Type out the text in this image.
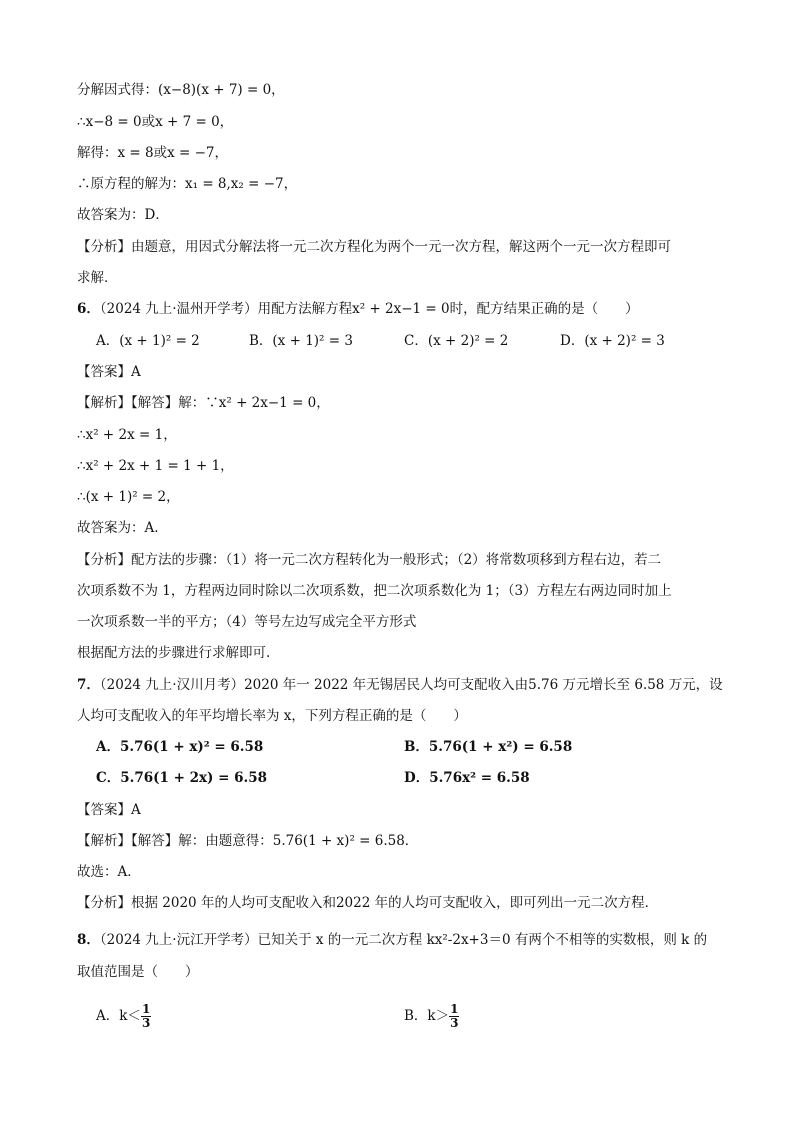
分解因式得：(x−8)(x + 7) = 0，
∴x−8 = 0或x + 7 = 0，
解得：x = 8或x = −7，
∴原方程的解为：x₁ = 8,x₂ = −7，
故答案为：D．
【分析】由题意，用因式分解法将一元二次方程化为两个一元一次方程，解这两个一元一次方程即可
求解．
6．（2024 九上·温州开学考）用配方法解方程x² + 2x−1 = 0时，配方结果正确的是（　　）
A．(x + 1)² = 2	B．(x + 1)² = 3	C．(x + 2)² = 2	D．(x + 2)² = 3
【答案】A
【解析】【解答】解：∵x² + 2x−1 = 0，
∴x² + 2x = 1，
∴x² + 2x + 1 = 1 + 1，
∴(x + 1)² = 2，
故答案为：A.
【分析】配方法的步骤：（1）将一元二次方程转化为一般形式；（2）将常数项移到方程右边，若二
次项系数不为 1，方程两边同时除以二次项系数，把二次项系数化为 1；（3）方程左右两边同时加上
一次项系数一半的平方；（4）等号左边写成完全平方形式
根据配方法的步骤进行求解即可.
7．（2024 九上·汉川月考）2020 年一 2022 年无锡居民人均可支配收入由5.76 万元增长至 6.58 万元，设
人均可支配收入的年平均增长率为 x，下列方程正确的是（　　）
A．5.76(1 + x)² = 6.58	B．5.76(1 + x²) = 6.58
C．5.76(1 + 2x) = 6.58	D．5.76x² = 6.58
【答案】A
【解析】【解答】解：由题意得：5.76(1 + x)² = 6.58．
故选：A．
【分析】根据 2020 年的人均可支配收入和2022 年的人均可支配收入，即可列出一元二次方程．
8．（2024 九上·沅江开学考）已知关于 x 的一元二次方程 kx²-2x+3＝0 有两个不相等的实数根，则 k 的
取值范围是（　　）
A．$k< \frac{1}{3}$	B．$k> \frac{1}{3}$
